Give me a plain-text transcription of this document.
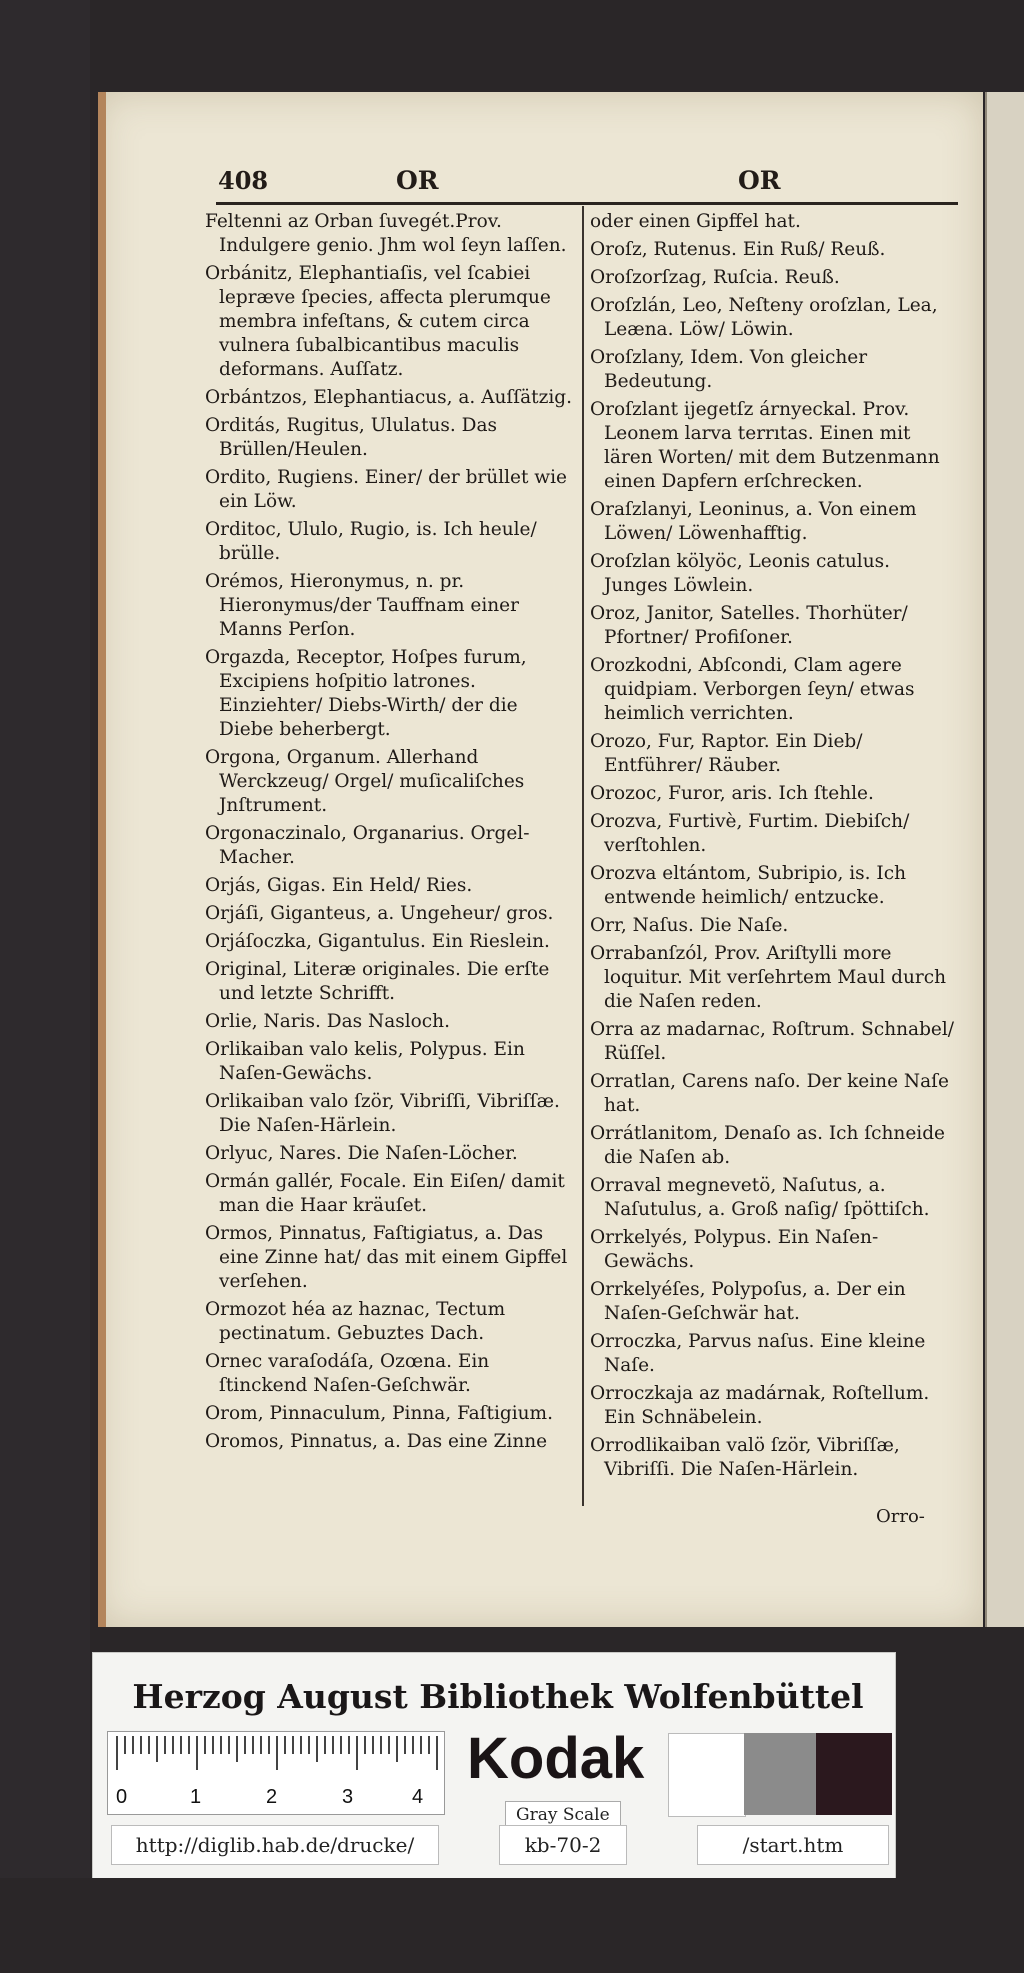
408	OR	OR
Feltenni az Orban ſuvegét.Prov. Indulgere genio. Jhm wol ſeyn laſſen.
Orbánitz, Elephantiaſis, vel ſcabiei lepræve ſpecies, affecta plerumque membra infeſtans, & cutem circa vulnera ſubalbicantibus maculis deformans. Auſſatz.
Orbántzos, Elephantiacus, a. Auſſätzig.
Orditás, Rugitus, Ululatus. Das Brüllen/Heulen.
Ordito, Rugiens. Einer/ der brüllet wie ein Löw.
Orditoc, Ululo, Rugio, is. Ich heule/ brülle.
Orémos, Hieronymus, n. pr. Hieronymus/der Tauffnam einer Manns Perſon.
Orgazda, Receptor, Hoſpes furum, Excipiens hoſpitio latrones. Einziehter/ Diebs-Wirth/ der die Diebe beherbergt.
Orgona, Organum. Allerhand Werckzeug/ Orgel/ muſicaliſches Jnſtrument.
Orgonaczinalo, Organarius. Orgel-Macher.
Orjás, Gigas. Ein Held/ Ries.
Orjáſi, Giganteus, a. Ungeheur/ gros.
Orjáſoczka, Gigantulus. Ein Rieslein.
Original, Literæ originales. Die erſte und letzte Schrifft.
Orlie, Naris. Das Nasloch.
Orlikaiban valo kelis, Polypus. Ein Naſen-Gewächs.
Orlikaiban valo ſzör, Vibriſſi, Vibriſſæ. Die Naſen-Härlein.
Orlyuc, Nares. Die Naſen-Löcher.
Ormán gallér, Focale. Ein Eiſen/ damit man die Haar kräuſet.
Ormos, Pinnatus, Faſtigiatus, a. Das eine Zinne hat/ das mit einem Gipffel verſehen.
Ormozot héa az haznac, Tectum pectinatum. Gebuztes Dach.
Ornec varaſodáſa, Ozœna. Ein ſtinckend Naſen-Geſchwär.
Orom, Pinnaculum, Pinna, Faſtigium.
Oromos, Pinnatus, a. Das eine Zinne
oder einen Gipffel hat.
Oroſz, Rutenus. Ein Ruß/ Reuß.
Oroſzorſzag, Ruſcia. Reuß.
Oroſzlán, Leo, Neſteny oroſzlan, Lea, Leæna. Löw/ Löwin.
Oroſzlany, Idem. Von gleicher Bedeutung.
Oroſzlant ijegetſz árnyeckal. Prov. Leonem larva terrıtas. Einen mit lären Worten/ mit dem Butzenmann einen Dapfern erſchrecken.
Oraſzlanyi, Leoninus, a. Von einem Löwen/ Löwenhafftig.
Oroſzlan kölyöc, Leonis catulus. Junges Löwlein.
Oroz, Janitor, Satelles. Thorhüter/ Pfortner/ Profiſoner.
Orozkodni, Abſcondi, Clam agere quidpiam. Verborgen ſeyn/ etwas heimlich verrichten.
Orozo, Fur, Raptor. Ein Dieb/ Entführer/ Räuber.
Orozoc, Furor, aris. Ich ſtehle.
Orozva, Furtivè, Furtim. Diebiſch/ verſtohlen.
Orozva eltántom, Subripio, is. Ich entwende heimlich/ entzucke.
Orr, Naſus. Die Naſe.
Orrabanſzól, Prov. Ariſtylli more loquitur. Mit verſehrtem Maul durch die Naſen reden.
Orra az madarnac, Roſtrum. Schnabel/ Rüſſel.
Orratlan, Carens naſo. Der keine Naſe hat.
Orrátlanitom, Denaſo as. Ich ſchneide die Naſen ab.
Orraval megnevetö, Naſutus, a. Naſutulus, a. Groß naſig/ ſpöttiſch.
Orrkelyés, Polypus. Ein Naſen-Gewächs.
Orrkelyéſes, Polypoſus, a. Der ein Naſen-Geſchwär hat.
Orroczka, Parvus naſus. Eine kleine Naſe.
Orroczkaja az madárnak, Roſtellum. Ein Schnäbelein.
Orrodlikaiban valö ſzör, Vibriſſæ, Vibriſſi. Die Naſen-Härlein.
Orro-
Herzog August Bibliothek Wolfenbüttel
0	1	2	3	4
Kodak
Gray Scale
http://diglib.hab.de/drucke/	kb-70-2	/start.htm
